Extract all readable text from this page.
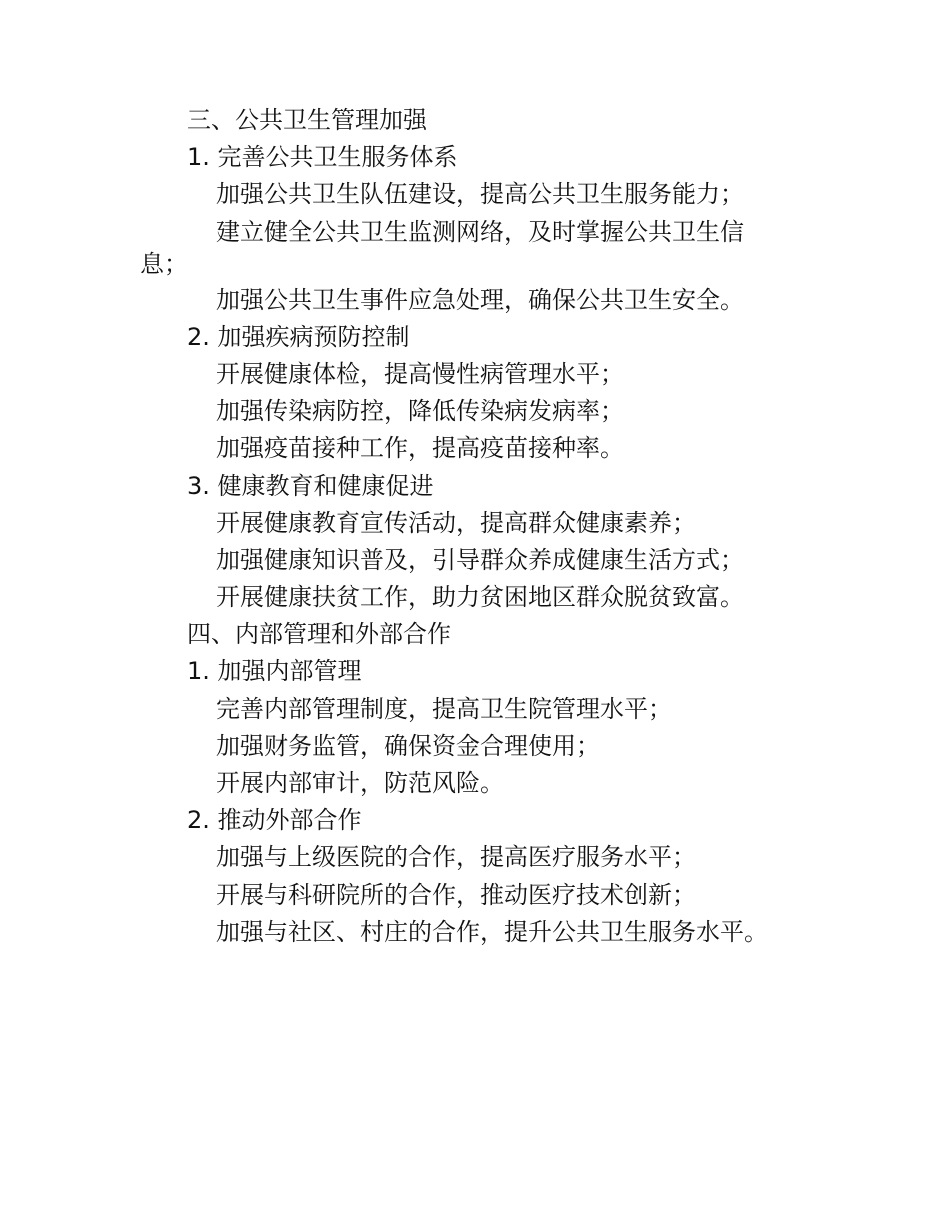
三、公共卫生管理加强

1. 完善公共卫生服务体系

加强公共卫生队伍建设，提高公共卫生服务能力；

建立健全公共卫生监测网络，及时掌握公共卫生信息；

加强公共卫生事件应急处理，确保公共卫生安全。

2. 加强疾病预防控制

开展健康体检，提高慢性病管理水平；

加强传染病防控，降低传染病发病率；

加强疫苗接种工作，提高疫苗接种率。

3. 健康教育和健康促进

开展健康教育宣传活动，提高群众健康素养；

加强健康知识普及，引导群众养成健康生活方式；

开展健康扶贫工作，助力贫困地区群众脱贫致富。

四、内部管理和外部合作

1. 加强内部管理

完善内部管理制度，提高卫生院管理水平；

加强财务监管，确保资金合理使用；

开展内部审计，防范风险。

2. 推动外部合作

加强与上级医院的合作，提高医疗服务水平；

开展与科研院所的合作，推动医疗技术创新；

加强与社区、村庄的合作，提升公共卫生服务水平。
